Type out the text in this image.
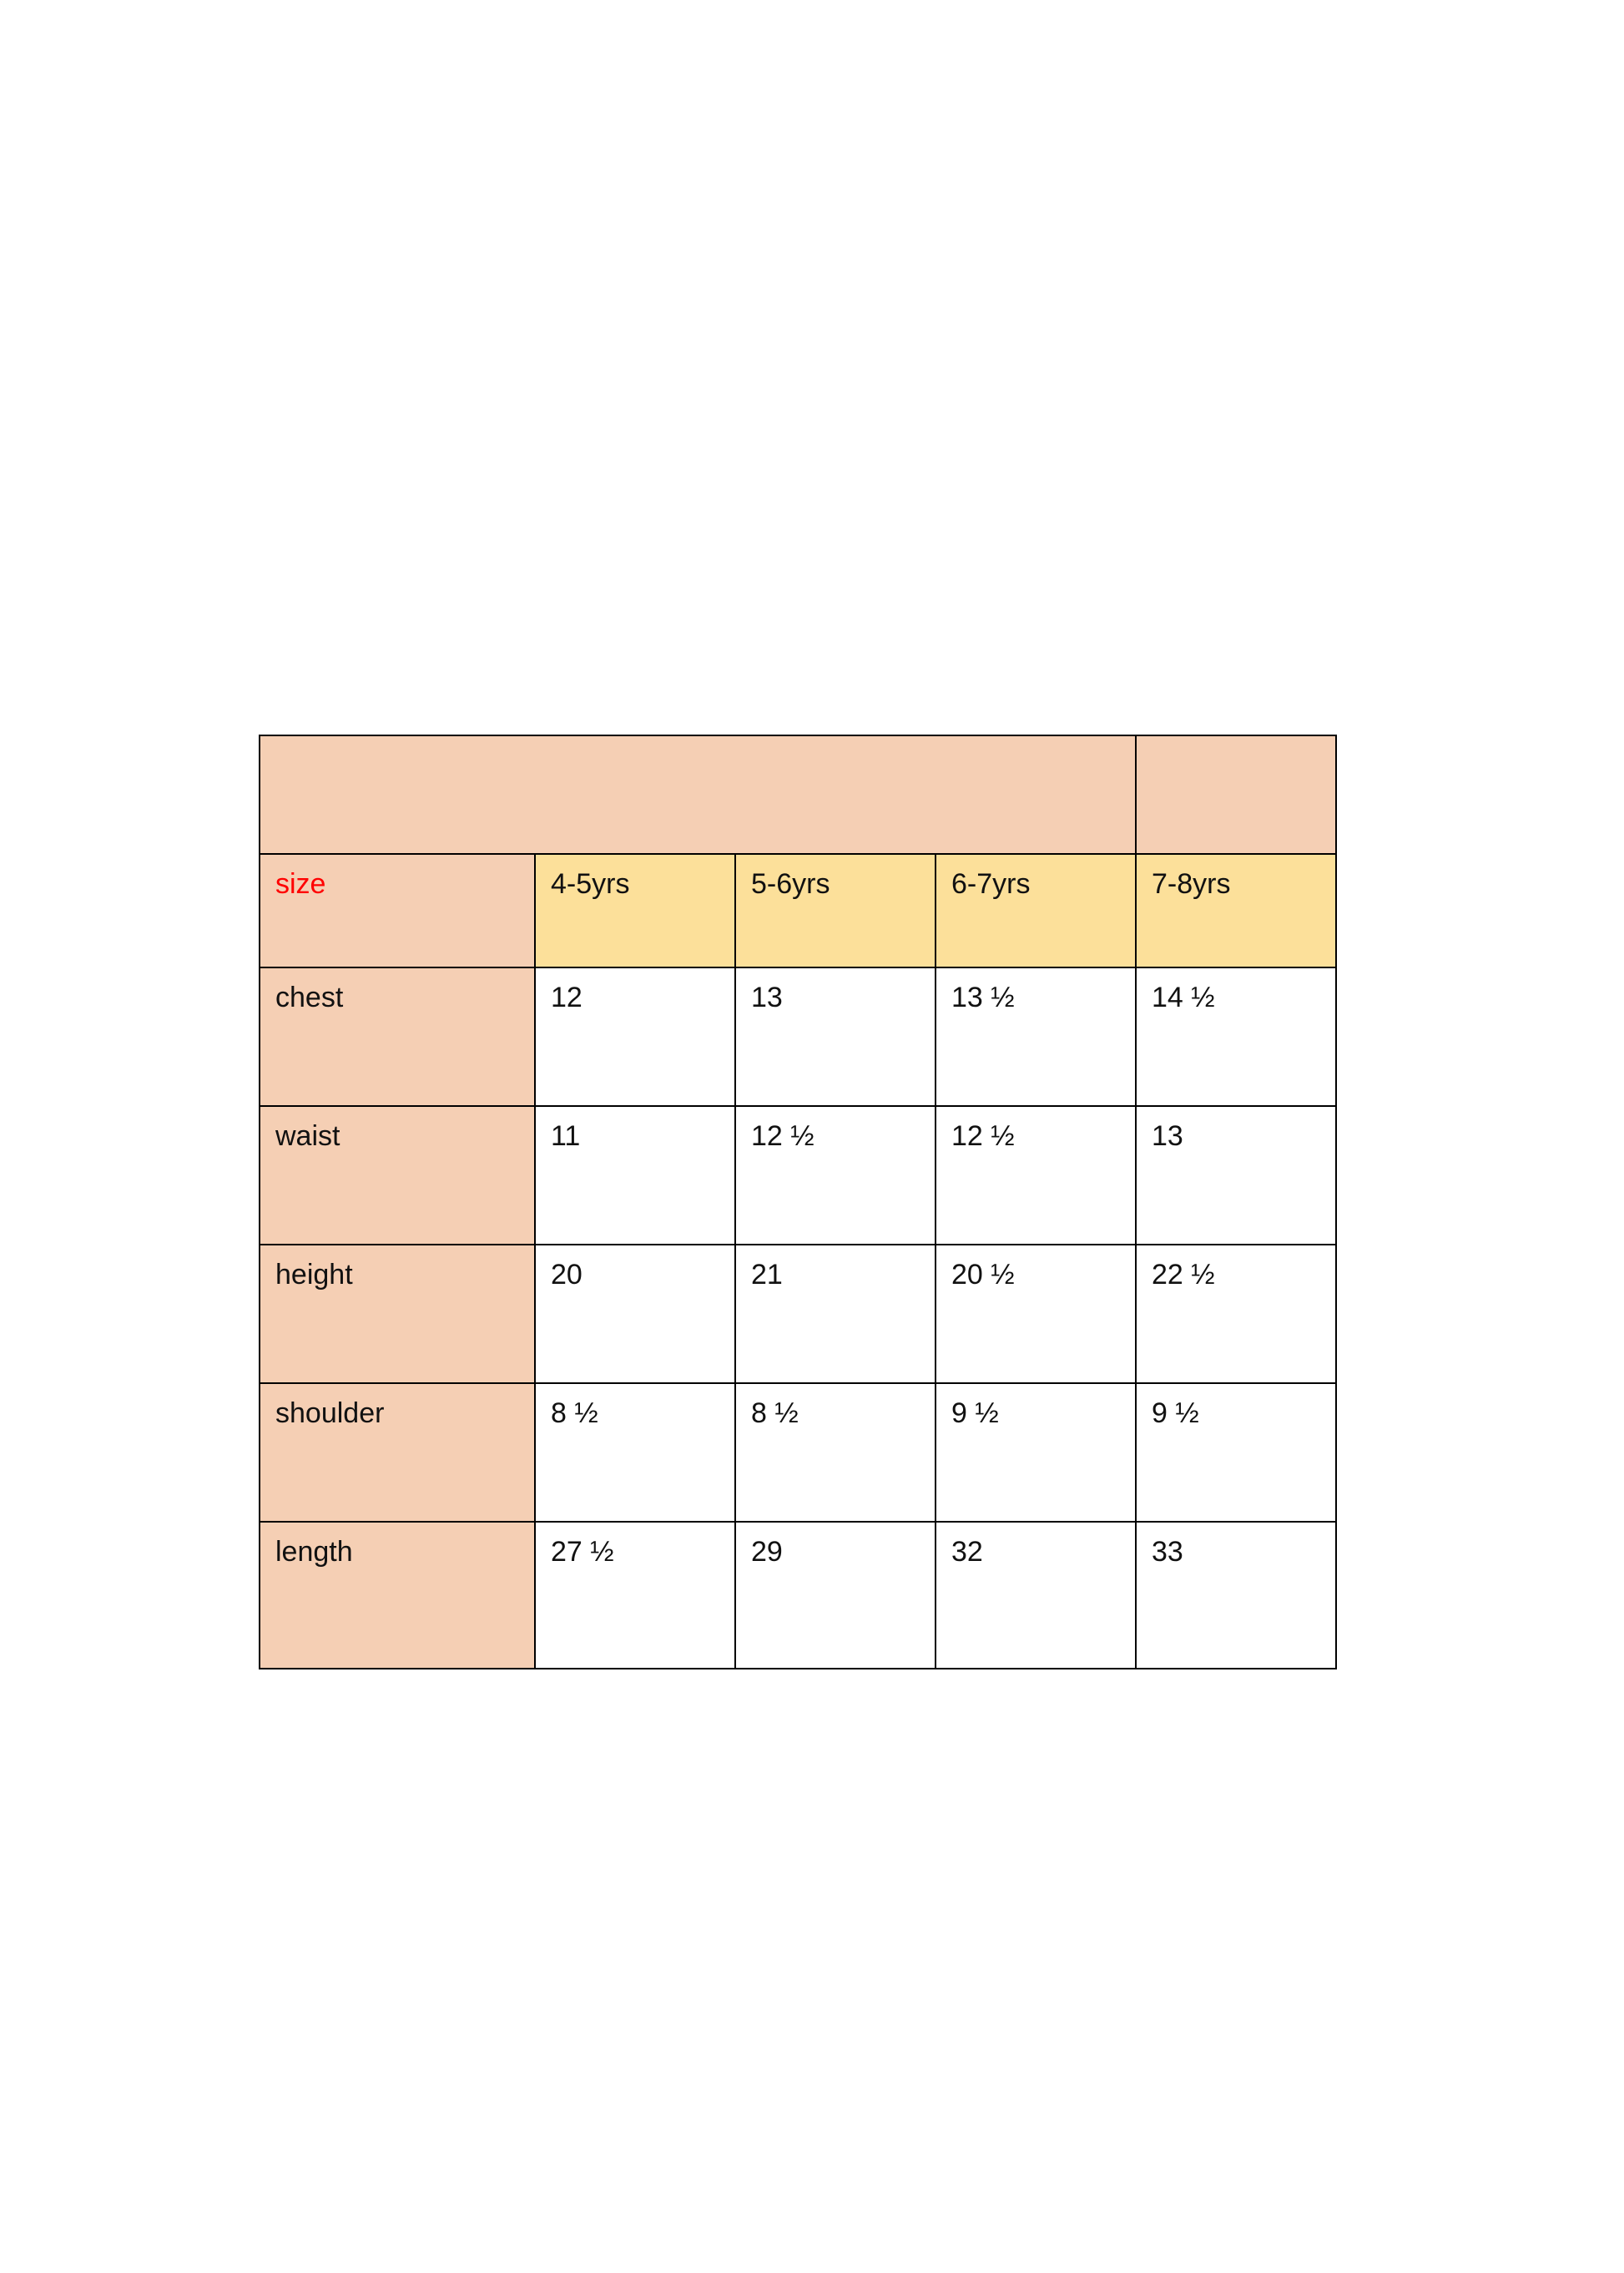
size	4-5yrs	5-6yrs	6-7yrs	7-8yrs
chest	12	13	13 ½	14 ½
waist	11	12 ½	12 ½	13
height	20	21	20 ½	22 ½
shoulder	8 ½	8 ½	9 ½	9 ½
length	27 ½	29	32	33
